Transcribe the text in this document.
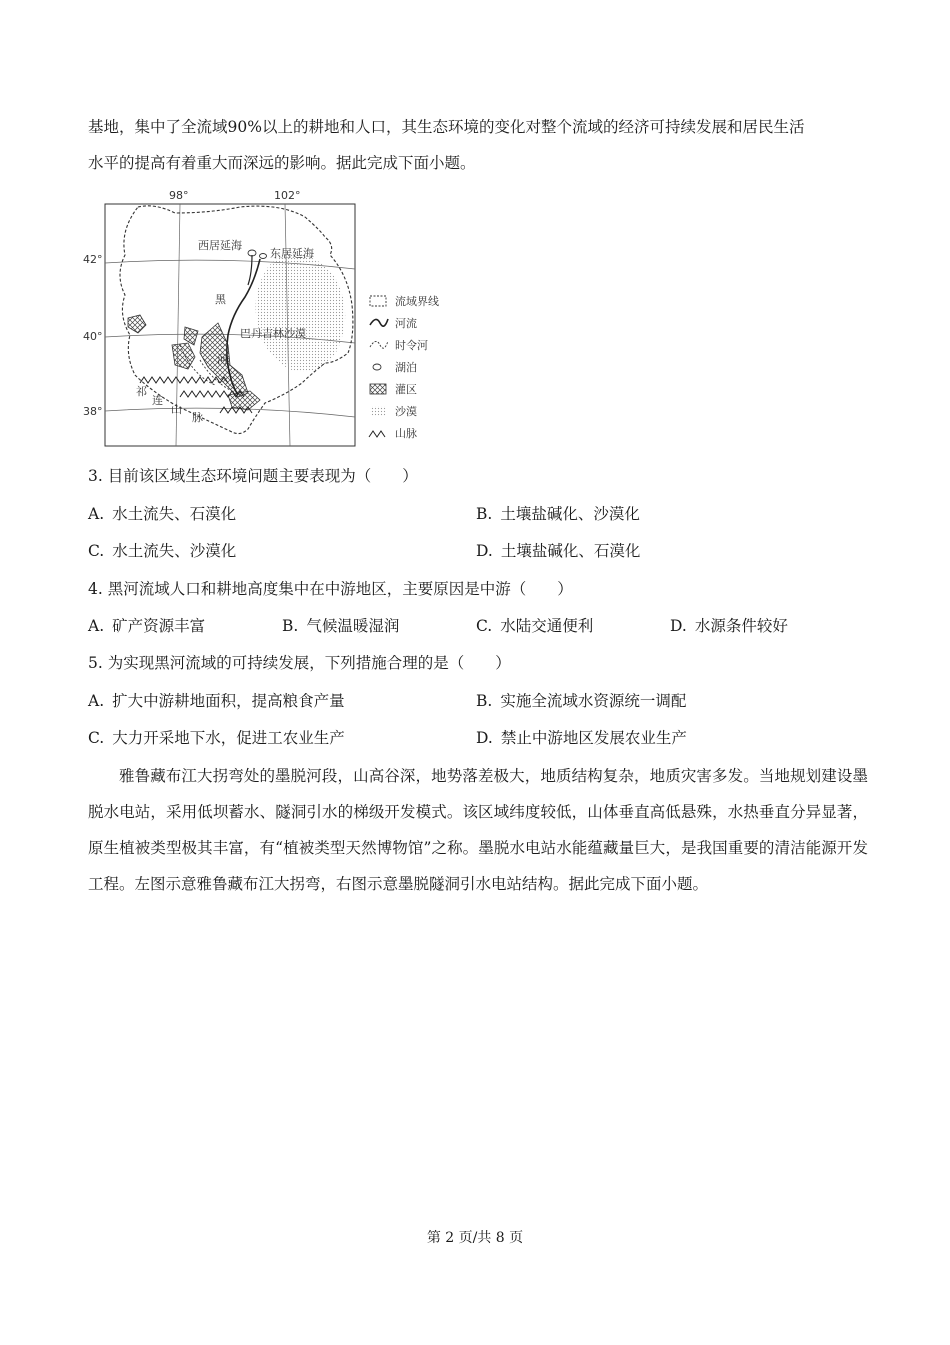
基地，集中了全流域90%以上的耕地和人口，其生态环境的变化对整个流域的经济可持续发展和居民生活
水平的提高有着重大而深远的影响。据此完成下面小题。
98°	102°
42°
40°
38°
西居延海
东居延海
巴丹吉林沙漠
黑
河
祁
连
山
脉
流域界线
河流
时令河
湖泊
灌区
沙漠
山脉
3. 目前该区域生态环境问题主要表现为（　　）
A. 水土流失、石漠化	B. 土壤盐碱化、沙漠化
C. 水土流失、沙漠化	D. 土壤盐碱化、石漠化
4. 黑河流域人口和耕地高度集中在中游地区，主要原因是中游（　　）
A. 矿产资源丰富	B. 气候温暖湿润	C. 水陆交通便利	D. 水源条件较好
5. 为实现黑河流域的可持续发展，下列措施合理的是（　　）
A. 扩大中游耕地面积，提高粮食产量	B. 实施全流域水资源统一调配
C. 大力开采地下水，促进工农业生产	D. 禁止中游地区发展农业生产

雅鲁藏布江大拐弯处的墨脱河段，山高谷深，地势落差极大，地质结构复杂，地质灾害多发。当地规划建设墨脱水电站，采用低坝蓄水、隧洞引水的梯级开发模式。该区域纬度较低，山体垂直高低悬殊，水热垂直分异显著，原生植被类型极其丰富，有“植被类型天然博物馆”之称。墨脱水电站水能蕴藏量巨大，是我国重要的清洁能源开发工程。左图示意雅鲁藏布江大拐弯，右图示意墨脱隧洞引水电站结构。据此完成下面小题。

第 2 页/共 8 页
